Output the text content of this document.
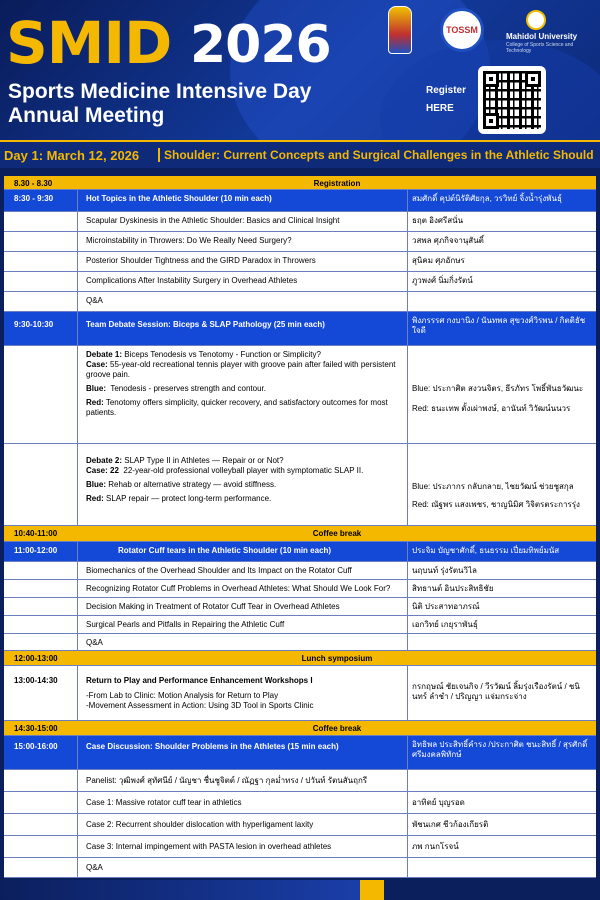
SMID 2026
Sports Medicine Intensive Day
Annual Meeting
TOSSM
Mahidol University
College of Sports Science and Technology
Register
HERE
Day 1: March 12, 2026	Shoulder: Current Concepts and Surgical Challenges in the Athletic Should
8.30 - 8.30	Registration
8:30 - 9:30	Hot Topics in the Athletic Shoulder (10 min each)	สมศักดิ์ คุปต์นิรัติศัยกุล, วรวิทย์ จิ้งน้ำรุ่งพันธุ์
Scapular Dyskinesis in the Athletic Shoulder: Basics and Clinical Insight	ธฤต อิงศรีสนั่น
Microinstability in Throwers: Do We Really Need Surgery?	วสพล ศุภกิจจานุสันติ์
Posterior Shoulder Tightness and the GIRD Paradox in Throwers	สุนิคม ศุภอักษร
Complications After Instability Surgery in Overhead Athletes	ภูวพงศ์ นิ่มกิ่งรัตน์
Q&A
9:30-10:30	Team Debate Session: Biceps & SLAP Pathology (25 min each)	พิงภรรรศ กงบานิง / นันทพล สุขวงศ์วิรพน / กิตติธัช ใจดี
Debate 1: Biceps Tenodesis vs Tenotomy - Function or Simplicity?
Case: 55-year-old recreational tennis player with groove pain after failed with persistent groove pain.
Blue: Tenodesis - preserves strength and contour.
Red: Tenotomy offers simplicity, quicker recovery, and satisfactory outcomes for most patients.
Blue: ประกาศิต สงวนจิตร, ธีรภัทร โพธิ์พันธวัฒนะ
Red: ธนะเทพ ตั้งเผ่าพงษ์, อานันท์ วิวัฒน์นนวร
Debate 2: SLAP Type II in Athletes — Repair or or Not?
Case: 22 22-year-old professional volleyball player with symptomatic SLAP II.
Blue: Rehab or alternative strategy — avoid stiffness.
Red: SLAP repair — protect long-term performance.
Blue: ประภากร กลับกลาย, ไชยวัฒน์ ช่วยชูสกุล
Red: ณัฐพร แสงเพชร, ชาญนิมิศ วิจิตรตระการรุ่ง
10:40-11:00	Coffee break
11:00-12:00	Rotator Cuff tears in the Athletic Shoulder (10 min each)	ประจิม บัญชาศักดิ์, ธนธรรม เปี่ยมทิพย์มนัส
Biomechanics of the Overhead Shoulder and Its Impact on the Rotator Cuff	นฤบนท์ รุ่งรัตนวิไล
Recognizing Rotator Cuff Problems in Overhead Athletes: What Should We Look For?	สิทธานต์ อินประสิทธิชัย
Decision Making in Treatment of Rotator Cuff Tear in Overhead Athletes	นิติ ประสาทอาภรณ์
Surgical Pearls and Pitfalls in Repairing the Athletic Cuff	เอกวิทย์ เกยุราพันธุ์
Q&A
12:00-13:00	Lunch symposium
13:00-14:30	Return to Play and Performance Enhancement Workshops I
-From Lab to Clinic: Motion Analysis for Return to Play
-Movement Assessment in Action: Using 3D Tool in Sports Clinic
กรกฤษณ์ ชัยเจนกิจ / วีรวัฒน์ ลิ้มรุ่งเรืองรัตน์ / ชนินทร์ ลำชำ / ปริญญา แจ่มกระจ่าง
14:30-15:00	Coffee break
15:00-16:00	Case Discussion: Shoulder Problems in the Athletes (15 min each)	อิทธิพล ประสิทธิ์คำรง /ประกาศิต ชนะสิทธิ์ / สุรศักดิ์ ศรีมงคลพิทักษ์
Panelist: วุฒิพงศ์ สุทัศนีย์ / นัญชา ชื่นชูจิตต์ / ณัฏฐา กุลม่ำทรง / ปวันท์ รัตนสันฤกรี
Case 1: Massive rotator cuff tear in athletics	อาทิตย์ บุญรอด
Case 2: Recurrent shoulder dislocation with hyperligament laxity	พัชนเกศ ชีวก้องเกียรติ
Case 3: Internal impingement with PASTA lesion in overhead athletes	ภพ กนกโรจน์
Q&A
